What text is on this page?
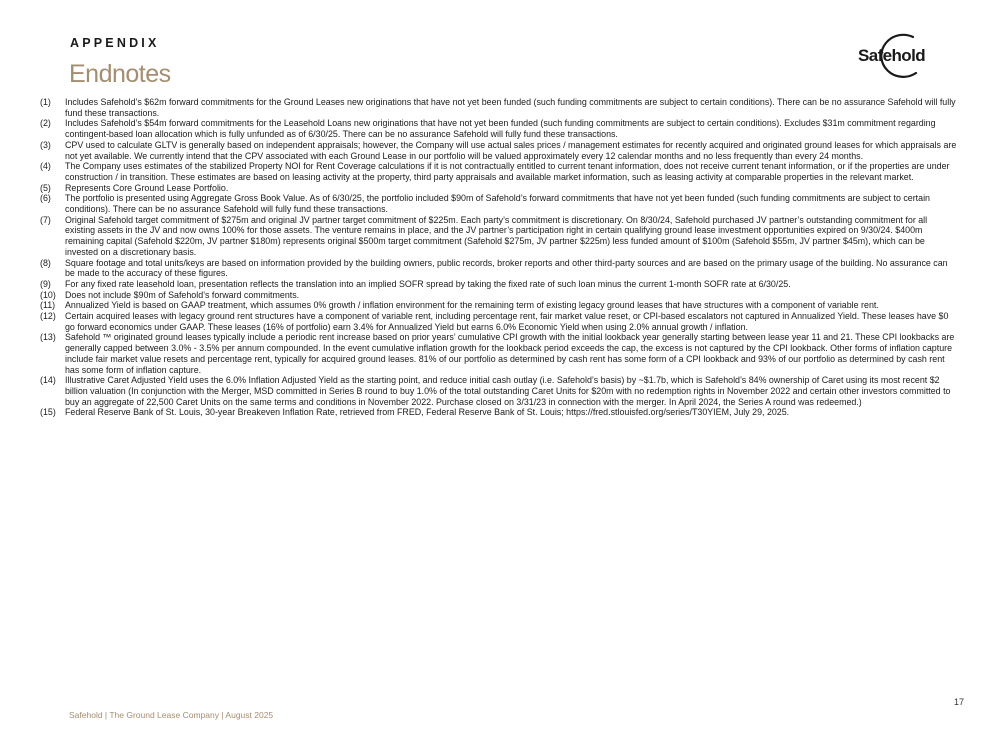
APPENDIX
Endnotes
Safehold
(1)	Includes Safehold’s $62m forward commitments for the Ground Leases new originations that have not yet been funded (such funding commitments are subject to certain conditions). There can be no assurance Safehold will fully fund these transactions.
(2)	Includes Safehold’s $54m forward commitments for the Leasehold Loans new originations that have not yet been funded (such funding commitments are subject to certain conditions). Excludes $31m commitment regarding contingent-based loan allocation which is fully unfunded as of 6/30/25. There can be no assurance Safehold will fully fund these transactions.
(3)	CPV used to calculate GLTV is generally based on independent appraisals; however, the Company will use actual sales prices / management estimates for recently acquired and originated ground leases for which appraisals are not yet available. We currently intend that the CPV associated with each Ground Lease in our portfolio will be valued approximately every 12 calendar months and no less frequently than every 24 months.
(4)	The Company uses estimates of the stabilized Property NOI for Rent Coverage calculations if it is not contractually entitled to current tenant information, does not receive current tenant information, or if the properties are under construction / in transition. These estimates are based on leasing activity at the property, third party appraisals and available market information, such as leasing activity at comparable properties in the relevant market.
(5)	Represents Core Ground Lease Portfolio.
(6)	The portfolio is presented using Aggregate Gross Book Value. As of 6/30/25, the portfolio included $90m of Safehold’s forward commitments that have not yet been funded (such funding commitments are subject to certain conditions). There can be no assurance Safehold will fully fund these transactions.
(7)	Original Safehold target commitment of $275m and original JV partner target commitment of $225m. Each party’s commitment is discretionary. On 8/30/24, Safehold purchased JV partner’s outstanding commitment for all existing assets in the JV and now owns 100% for those assets. The venture remains in place, and the JV partner’s participation right in certain qualifying ground lease investment opportunities expired on 9/30/24. $400m remaining capital (Safehold $220m, JV partner $180m) represents original $500m target commitment (Safehold $275m, JV partner $225m) less funded amount of $100m (Safehold $55m, JV partner $45m), which can be invested on a discretionary basis.
(8)	Square footage and total units/keys are based on information provided by the building owners, public records, broker reports and other third-party sources and are based on the primary usage of the building. No assurance can be made to the accuracy of these figures.
(9)	For any fixed rate leasehold loan, presentation reflects the translation into an implied SOFR spread by taking the fixed rate of such loan minus the current 1-month SOFR rate at 6/30/25.
(10)	Does not include $90m of Safehold’s forward commitments.
(11)	Annualized Yield is based on GAAP treatment, which assumes 0% growth / inflation environment for the remaining term of existing legacy ground leases that have structures with a component of variable rent.
(12)	Certain acquired leases with legacy ground rent structures have a component of variable rent, including percentage rent, fair market value reset, or CPI-based escalators not captured in Annualized Yield. These leases have $0 go forward economics under GAAP. These leases (16% of portfolio) earn 3.4% for Annualized Yield but earns 6.0% Economic Yield when using 2.0% annual growth / inflation.
(13)	Safehold ™ originated ground leases typically include a periodic rent increase based on prior years’ cumulative CPI growth with the initial lookback year generally starting between lease year 11 and 21. These CPI lookbacks are generally capped between 3.0% - 3.5% per annum compounded. In the event cumulative inflation growth for the lookback period exceeds the cap, the excess is not captured by the CPI lookback. Other forms of inflation capture include fair market value resets and percentage rent, typically for acquired ground leases. 81% of our portfolio as determined by cash rent has some form of a CPI lookback and 93% of our portfolio as determined by cash rent has some form of inflation capture.
(14)	Illustrative Caret Adjusted Yield uses the 6.0% Inflation Adjusted Yield as the starting point, and reduce initial cash outlay (i.e. Safehold’s basis) by ~$1.7b, which is Safehold’s 84% ownership of Caret using its most recent $2 billion valuation (In conjunction with the Merger, MSD committed in Series B round to buy 1.0% of the total outstanding Caret Units for $20m with no redemption rights in November 2022 and certain other investors committed to buy an aggregate of 22,500 Caret Units on the same terms and conditions in November 2022. Purchase closed on 3/31/23 in connection with the merger. In April 2024, the Series A round was redeemed.)
(15)	Federal Reserve Bank of St. Louis, 30-year Breakeven Inflation Rate, retrieved from FRED, Federal Reserve Bank of St. Louis; https://fred.stlouisfed.org/series/T30YIEM, July 29, 2025.
17
Safehold | The Ground Lease Company | August 2025
